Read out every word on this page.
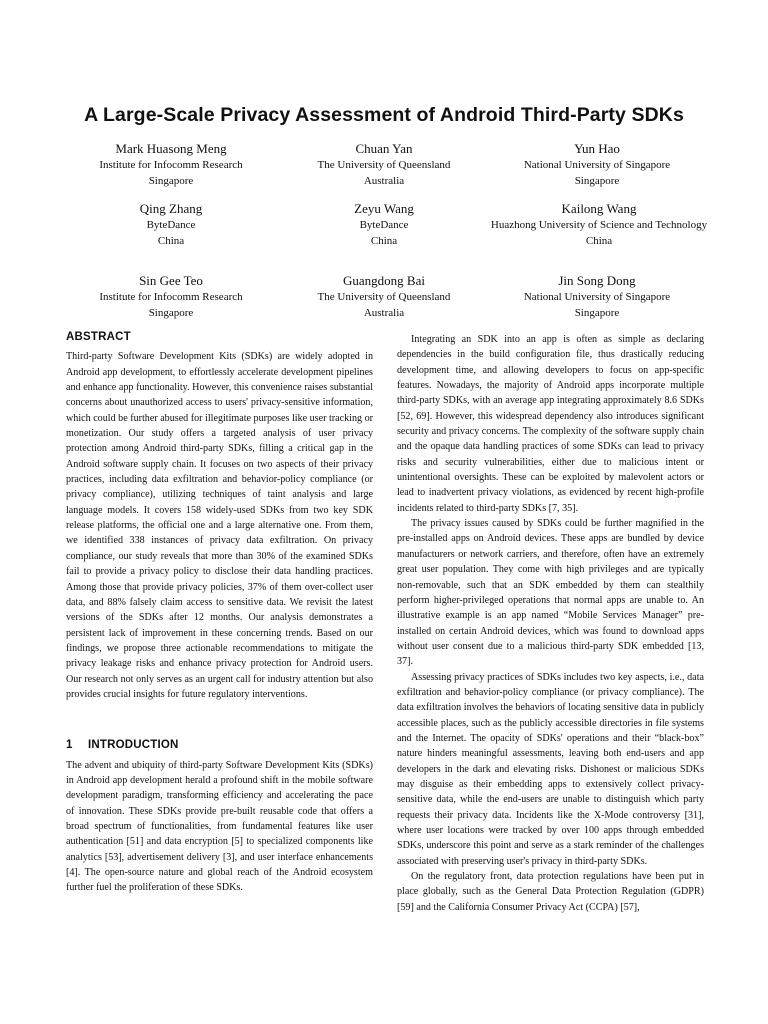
A Large-Scale Privacy Assessment of Android Third-Party SDKs
Mark Huasong Meng
Institute for Infocomm Research
Singapore
Chuan Yan
The University of Queensland
Australia
Yun Hao
National University of Singapore
Singapore
Qing Zhang
ByteDance
China
Zeyu Wang
ByteDance
China
Kailong Wang
Huazhong University of Science and Technology
China
Sin Gee Teo
Institute for Infocomm Research
Singapore
Guangdong Bai
The University of Queensland
Australia
Jin Song Dong
National University of Singapore
Singapore
ABSTRACT

Third-party Software Development Kits (SDKs) are widely adopted in Android app development, to effortlessly accelerate development pipelines and enhance app functionality. However, this convenience raises substantial concerns about unauthorized access to users' privacy-sensitive information, which could be further abused for illegitimate purposes like user tracking or monetization. Our study offers a targeted analysis of user privacy protection among Android third-party SDKs, filling a critical gap in the Android software supply chain. It focuses on two aspects of their privacy practices, including data exfiltration and behavior-policy compliance (or privacy compliance), utilizing techniques of taint analysis and large language models. It covers 158 widely-used SDKs from two key SDK release platforms, the official one and a large alternative one. From them, we identified 338 instances of privacy data exfiltration. On privacy compliance, our study reveals that more than 30% of the examined SDKs fail to provide a privacy policy to disclose their data handling practices. Among those that provide privacy policies, 37% of them over-collect user data, and 88% falsely claim access to sensitive data. We revisit the latest versions of the SDKs after 12 months. Our analysis demonstrates a persistent lack of improvement in these concerning trends. Based on our findings, we propose three actionable recommendations to mitigate the privacy leakage risks and enhance privacy protection for Android users. Our research not only serves as an urgent call for industry attention but also provides crucial insights for future regulatory interventions.

1 INTRODUCTION

The advent and ubiquity of third-party Software Development Kits (SDKs) in Android app development herald a profound shift in the mobile software development paradigm, transforming efficiency and accelerating the pace of innovation. These SDKs provide pre-built reusable code that offers a broad spectrum of functionalities, from fundamental features like user authentication [51] and data encryption [5] to specialized components like analytics [53], advertisement delivery [3], and user interface enhancements [4]. The open-source nature and global reach of the Android ecosystem further fuel the proliferation of these SDKs.

Integrating an SDK into an app is often as simple as declaring dependencies in the build configuration file, thus drastically reducing development time, and allowing developers to focus on app-specific features. Nowadays, the majority of Android apps incorporate multiple third-party SDKs, with an average app integrating approximately 8.6 SDKs [52, 69]. However, this widespread dependency also introduces significant security and privacy concerns. The complexity of the software supply chain and the opaque data handling practices of some SDKs can lead to privacy risks and security vulnerabilities, either due to malicious intent or unintentional oversights. These can be exploited by malevolent actors or lead to inadvertent privacy violations, as evidenced by recent high-profile incidents related to third-party SDKs [7, 35].

The privacy issues caused by SDKs could be further magnified in the pre-installed apps on Android devices. These apps are bundled by device manufacturers or network carriers, and therefore, often have an extremely great user population. They come with high privileges and are typically non-removable, such that an SDK embedded by them can stealthily perform higher-privileged operations that normal apps are unable to. An illustrative example is an app named “Mobile Services Manager” pre-installed on certain Android devices, which was found to download apps without user consent due to a malicious third-party SDK embedded [13, 37].

Assessing privacy practices of SDKs includes two key aspects, i.e., data exfiltration and behavior-policy compliance (or privacy compliance). The data exfiltration involves the behaviors of locating sensitive data in publicly accessible places, such as the publicly accessible directories in file systems and the Internet. The opacity of SDKs' operations and their “black-box” nature hinders meaningful assessments, leaving both end-users and app developers in the dark and elevating risks. Dishonest or malicious SDKs may disguise as their embedding apps to extensively collect privacy-sensitive data, while the end-users are unable to distinguish which party requests their privacy data. Incidents like the X-Mode controversy [31], where user locations were tracked by over 100 apps through embedded SDKs, underscore this point and serve as a stark reminder of the challenges associated with preserving user's privacy in third-party SDKs.

On the regulatory front, data protection regulations have been put in place globally, such as the General Data Protection Regulation (GDPR) [59] and the California Consumer Privacy Act (CCPA) [57],
